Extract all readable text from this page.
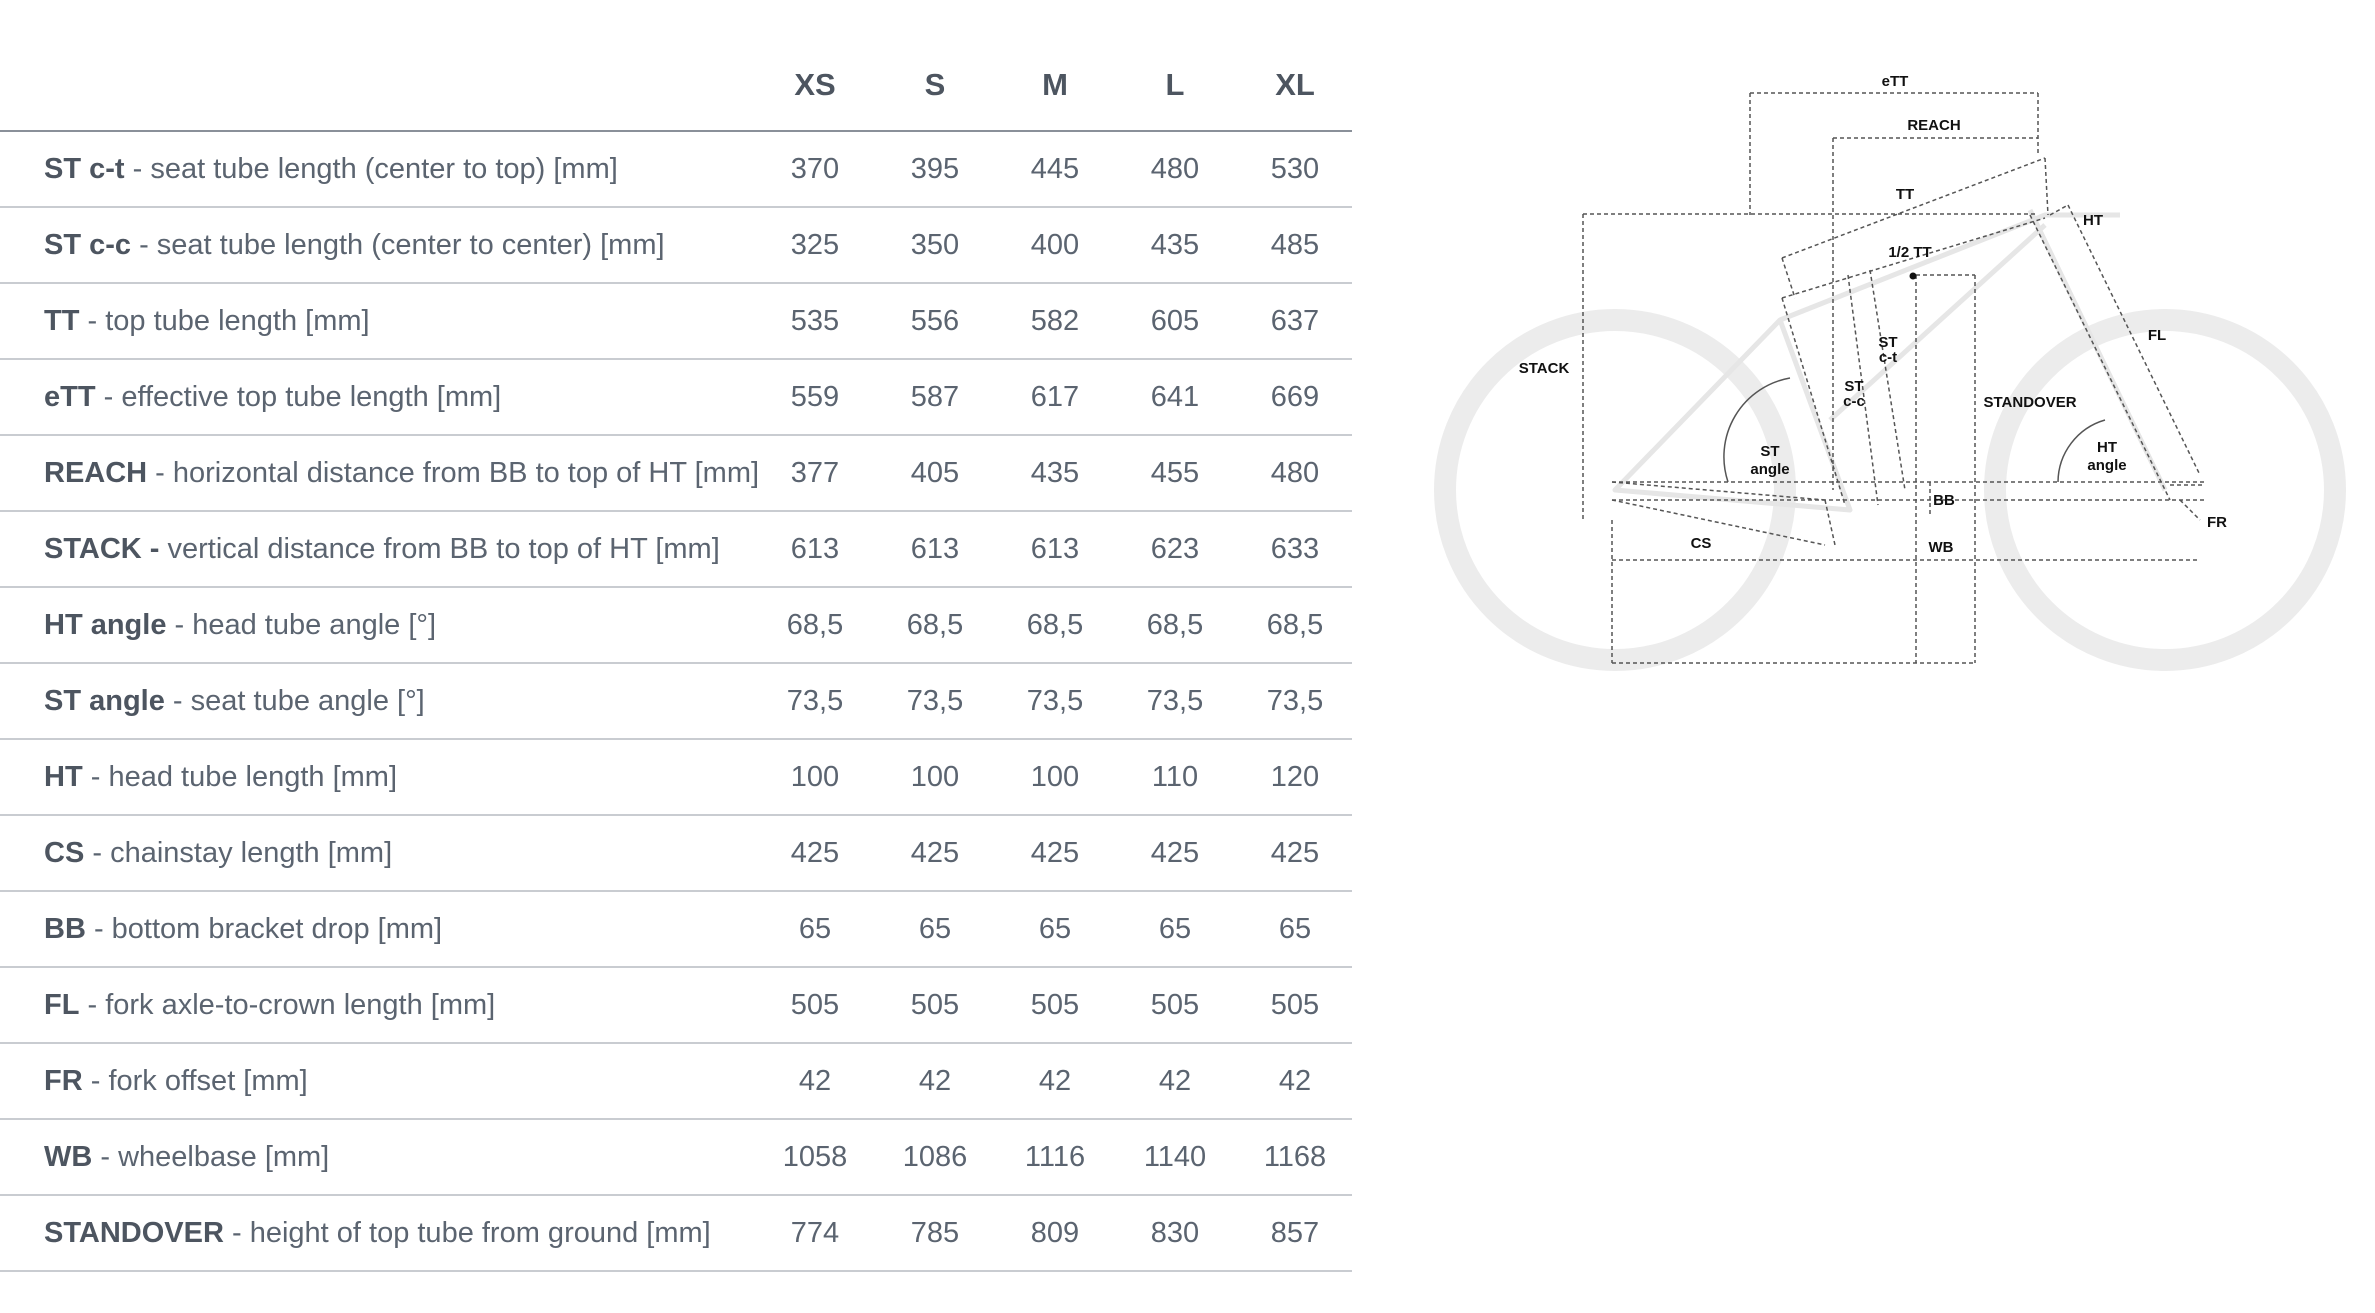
XS	S	M	L	XL
ST c-t - seat tube length (center to top) [mm]	370	395	445	480	530
ST c-c - seat tube length (center to center) [mm]	325	350	400	435	485
TT - top tube length [mm]	535	556	582	605	637
eTT - effective top tube length [mm]	559	587	617	641	669
REACH - horizontal distance from BB to top of HT [mm]	377	405	435	455	480
STACK - vertical distance from BB to top of HT [mm]	613	613	613	623	633
HT angle - head tube angle [°]	68,5	68,5	68,5	68,5	68,5
ST angle - seat tube angle [°]	73,5	73,5	73,5	73,5	73,5
HT - head tube length [mm]	100	100	100	110	120
CS - chainstay length [mm]	425	425	425	425	425
BB - bottom bracket drop [mm]	65	65	65	65	65
FL - fork axle-to-crown length [mm]	505	505	505	505	505
FR - fork offset [mm]	42	42	42	42	42
WB - wheelbase [mm]	1058	1086	1116	1140	1168
STANDOVER - height of top tube from ground [mm]	774	785	809	830	857
eTT
REACH
TT
HT
1/2 TT
ST
c-t
ST
c-c
STACK
STANDOVER
FL
ST
angle
HT
angle
BB
CS	WB
FR
